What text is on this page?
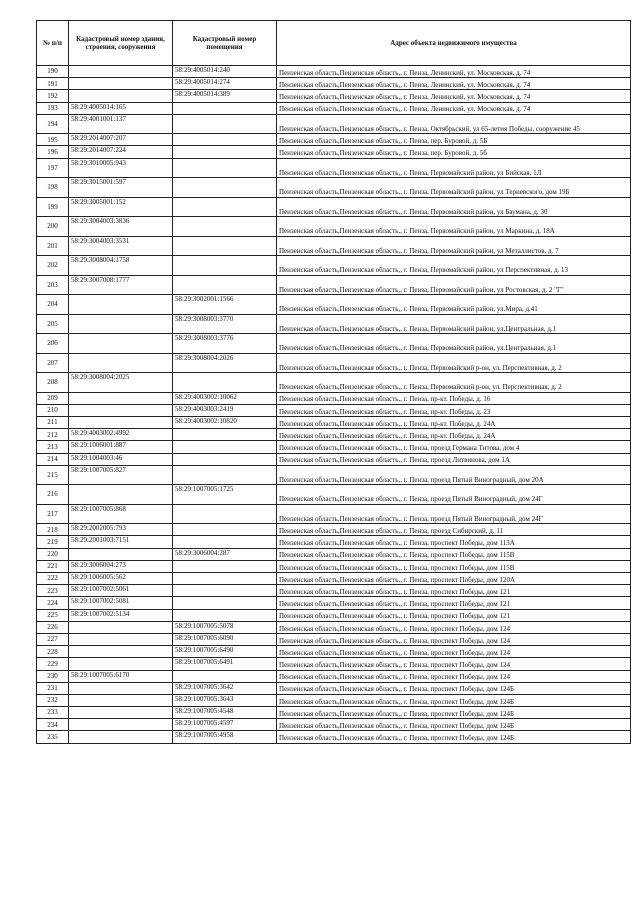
№ п/п	Кадастровый номер здания, строения, сооружения	Кадастровый номер помещения	Адрес объекта недвижимого имущества
190		58:29:4005014:240	Пензенская область,Пензенская область,, г. Пенза, Ленинский, ул. Московская, д. 74
191		58:29:4005014:274	Пензенская область,Пензенская область,, г. Пенза, Ленинский, ул. Московская, д. 74
192		58:29:4005014:389	Пензенская область,Пензенская область,, г. Пенза, Ленинский, ул. Московская, д. 74
193	58:29:4005014:165		Пензенская область,Пензенская область,, г. Пенза, Ленинский, ул. Московская, д. 74
194	58:29:4001001:137		Пензенская область,Пензенская область,, г. Пенза, Октябрьский, ул 65-летия Победы, сооружение 45
195	58:29:2014007:207		Пензенская область,Пензенская область,, г. Пенза, пер. Буровой, д. 5Б
196	58:29:2014007:224		Пензенская область,Пензенская область,, г. Пенза, пер. Буровой, д. 5б
197	58:29:3010005:943		Пензенская область,Пензенская область,, г. Пенза, Первомайский район, ул Бийская, 1Л
198	58:29:3015001:597		Пензенская область,Пензенская область,, г. Пенза, Первомайский район, ул Териевского, дом 19Б
199	58:29:3005001:152		Пензенская область,Пензенская область,, г. Пенза, Первомайский район, ул Баумана, д. 30
200	58:29:3004003:3836		Пензенская область,Пензенская область,, г. Пенза, Первомайский район, ул Маркина, д. 18А
201	58:29:3004003:3531		Пензенская область,Пензенская область,, г. Пенза, Первомайский район, ул Металлистов, д. 7
202	58:29:3008004:1758		Пензенская область,Пензенская область,, г. Пенза, Первомайский район, ул Перспективная, д. 13
203	58:29:3007008:1777		Пензенская область,Пензенская область,, г. Пенза, Первомайский район, ул Ростовская, д. 2 "Г"
204		58:29:3002001:1566	Пензенская область,Пензенская область,, г. Пенза, Первомайский район, ул.Мира, д.41
205		58:29:3008003:3770	Пензенская область,Пензенская область,, г. Пенза, Первомайский район, ул.Центральная, д.1
206		58:29:3008003:3776	Пензенская область,Пензенская область,, г. Пенза, Первомайский район, ул.Центральная, д.1
207		58:29:3008004:2026	Пензенская область,Пензенская область,, г. Пенза, Первомайский р-он, ул. Перспективная, д. 2
208	58:29:3008004:2025		Пензенская область,Пензенская область,, г. Пенза, Первомайский р-он, ул. Перспективная, д. 2
209		58:29:4003002:10062	Пензенская область,Пензенская область,, г. Пенза, пр-кт. Победы, д. 16
210		58:29:4003003:2419	Пензенская область,Пензенская область,, г. Пенза, пр-кт. Победы, д. 23
211		58:29:4003002:10820	Пензенская область,Пензенская область,, г. Пенза, пр-кт. Победы, д. 24А
212	58:29:4003002:4992		Пензенская область,Пензенская область,, г. Пенза, пр-кт. Победы, д. 24А
213	58:29:1006001:887		Пензенская область,Пензенская область,, г. Пенза, проезд Германа Титова, дом 4
214	58:29:1004003:46		Пензенская область,Пензенская область,, г. Пенза, проезд Литвинова, дом 1А
215	58:29:1007005:827		Пензенская область,Пензенская область,, г. Пенза, проезд Пятый Виноградный, дом 20А
216		58:29:1007005:1725	Пензенская область,Пензенская область,, г. Пенза, проезд Пятый Виноградный, дом 24Г
217	58:29:1007005:868		Пензенская область,Пензенская область,, г. Пенза, проезд Пятый Виноградный, дом 24Г
218	58:29:2002005:793		Пензенская область,Пензенская область,, г. Пенза, проезд Сибирский, д. 11
219	58:29:2001003:7151		Пензенская область,Пензенская область,, г. Пенза, проспект Победы, дом 113А
220		58:29:3006004:287	Пензенская область,Пензенская область,, г. Пенза, проспект Победы, дом 115В
221	58:29:3006004:273		Пензенская область,Пензенская область,, г. Пенза, проспект Победы, дом 115В
222	58:29:1006005:562		Пензенская область,Пензенская область,, г. Пенза, проспект Победы, дом 120А
223	58:29:1007002:5061		Пензенская область,Пензенская область,, г. Пенза, проспект Победы, дом 121
224	58:29:1007002:5081		Пензенская область,Пензенская область,, г. Пенза, проспект Победы, дом 121
225	58:29:1007002:5134		Пензенская область,Пензенская область,, г. Пенза, проспект Победы, дом 121
226		58:29:1007005:5078	Пензенская область,Пензенская область,, г. Пенза, проспект Победы, дом 124
227		58:29:1007005:6090	Пензенская область,Пензенская область,, г. Пенза, проспект Победы, дом 124
228		58:29:1007005:6490	Пензенская область,Пензенская область,, г. Пенза, проспект Победы, дом 124
229		58:29:1007005:6491	Пензенская область,Пензенская область,, г. Пенза, проспект Победы, дом 124
230	58:29:1007005:6170		Пензенская область,Пензенская область,, г. Пенза, проспект Победы, дом 124
231		58:29:1007005:3642	Пензенская область,Пензенская область,, г. Пенза, проспект Победы, дом 124Б
232		58:29:1007005:3643	Пензенская область,Пензенская область,, г. Пенза, проспект Победы, дом 124Б
233		58:29:1007005:4548	Пензенская область,Пензенская область,, г. Пенза, проспект Победы, дом 124Б
234		58:29:1007005:4597	Пензенская область,Пензенская область,, г. Пенза, проспект Победы, дом 124Б
235		58:29:1007005:4958	Пензенская область,Пензенская область,, г. Пенза, проспект Победы, дом 124Б
